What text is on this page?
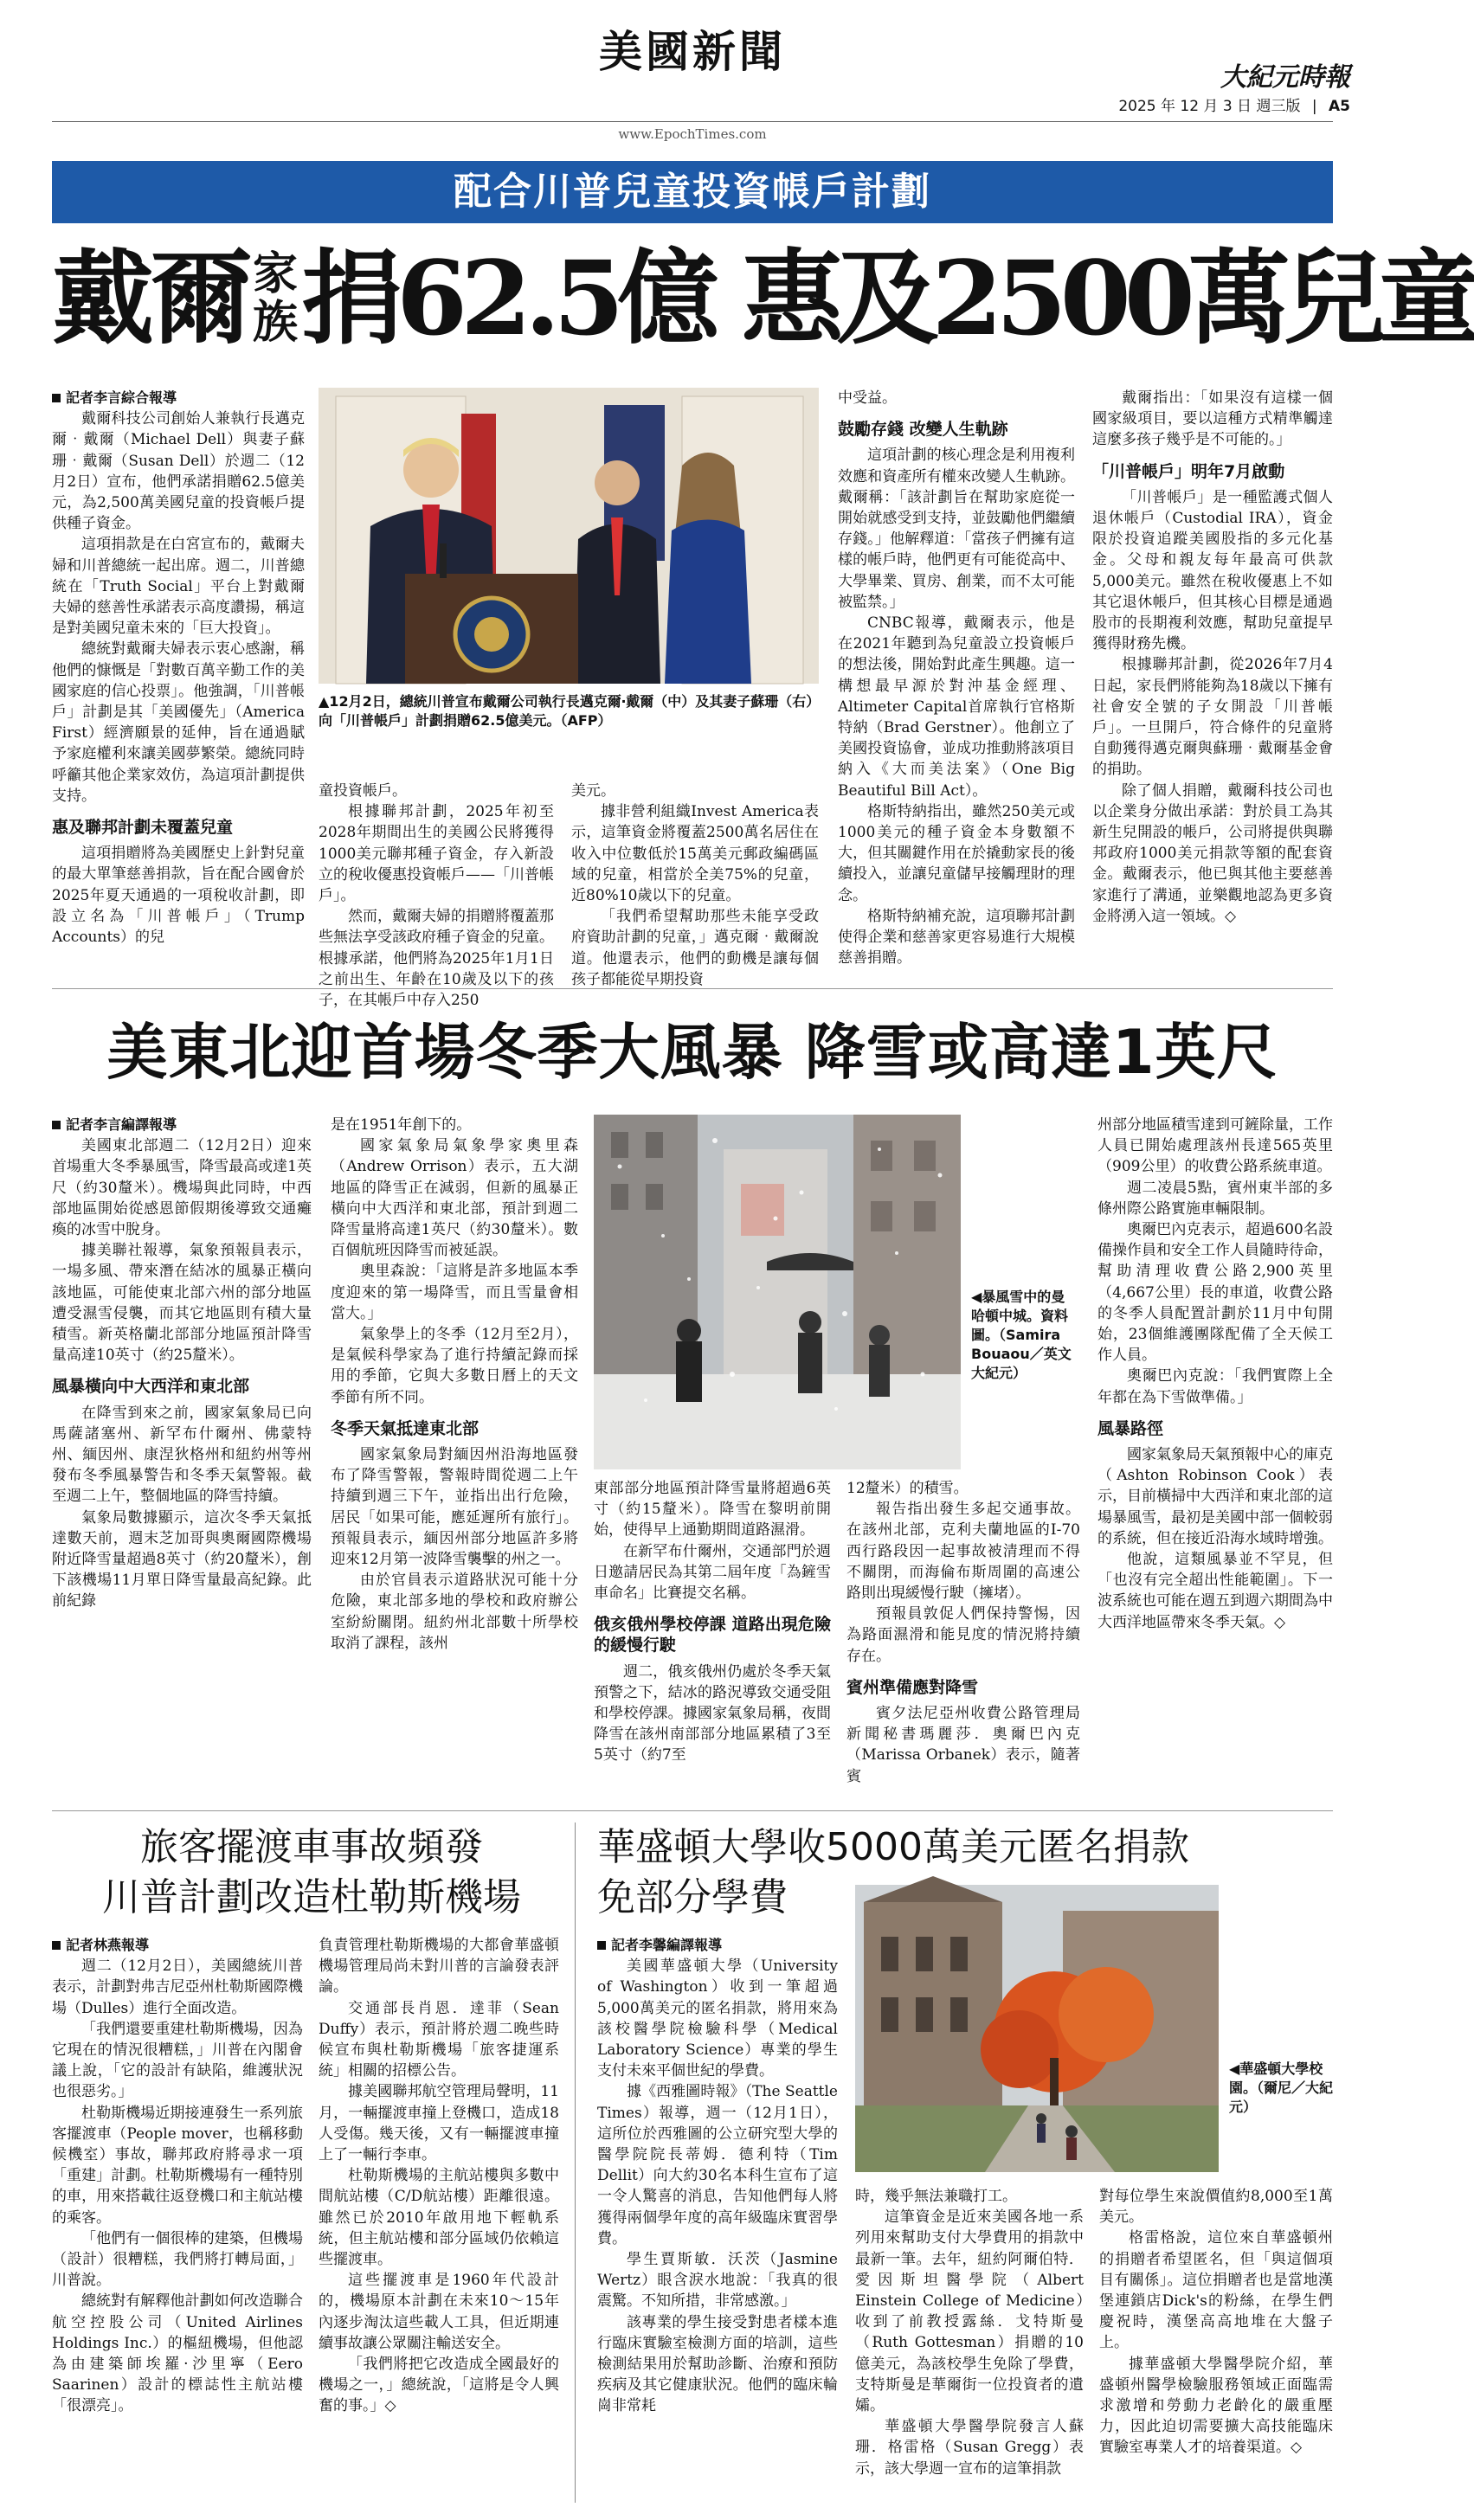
美國新聞
www.EpochTimes.com
大紀元時報
2025 年 12 月 3 日 週三版 | A5
配合川普兒童投資帳戶計劃
戴爾 家
族 捐62.5億 惠及2500萬兒童

記者李言綜合報導

戴爾科技公司創始人兼執行長邁克爾‧戴爾（Michael Dell）與妻子蘇珊‧戴爾（Susan Dell）於週二（12月2日）宣布，他們承諾捐贈62.5億美元，為2,500萬美國兒童的投資帳戶提供種子資金。

這項捐款是在白宮宣布的，戴爾夫婦和川普總統一起出席。週二，川普總統在「Truth Social」平台上對戴爾夫婦的慈善性承諾表示高度讚揚，稱這是對美國兒童未來的「巨大投資」。

總統對戴爾夫婦表示衷心感謝，稱他們的慷慨是「對數百萬辛勤工作的美國家庭的信心投票」。他強調，「川普帳戶」計劃是其「美國優先」（America First）經濟願景的延伸，旨在通過賦予家庭權利來讓美國夢繁榮。總統同時呼籲其他企業家效仿，為這項計劃提供支持。

惠及聯邦計劃未覆蓋兒童

這項捐贈將為美國歷史上針對兒童的最大單筆慈善捐款，旨在配合國會於2025年夏天通過的一項稅收計劃，即設立名為「川普帳戶」（Trump Accounts）的兒

▲12月2日，總統川普宣布戴爾公司執行長邁克爾‧戴爾（中）及其妻子蘇珊（右）向「川普帳戶」計劃捐贈62.5億美元。（AFP）

童投資帳戶。

根據聯邦計劃，2025年初至2028年期間出生的美國公民將獲得1000美元聯邦種子資金，存入新設立的稅收優惠投資帳戶——「川普帳戶」。

然而，戴爾夫婦的捐贈將覆蓋那些無法享受該政府種子資金的兒童。根據承諾，他們將為2025年1月1日之前出生、年齡在10歲及以下的孩子，在其帳戶中存入250

美元。

據非營利組織Invest America表示，這筆資金將覆蓋2500萬名居住在收入中位數低於15萬美元郵政編碼區域的兒童，相當於全美75%的兒童，近80%10歲以下的兒童。

「我們希望幫助那些未能享受政府資助計劃的兒童，」邁克爾‧戴爾說道。他還表示，他們的動機是讓每個孩子都能從早期投資

中受益。

鼓勵存錢 改變人生軌跡

這項計劃的核心理念是利用複利效應和資產所有權來改變人生軌跡。戴爾稱：「該計劃旨在幫助家庭從一開始就感受到支持，並鼓勵他們繼續存錢。」他解釋道：「當孩子們擁有這樣的帳戶時，他們更有可能從高中、大學畢業、買房、創業，而不太可能被監禁。」

CNBC報導，戴爾表示，他是在2021年聽到為兒童設立投資帳戶的想法後，開始對此產生興趣。這一構想最早源於對沖基金經理、Altimeter Capital首席執行官格斯特納（Brad Gerstner）。他創立了美國投資協會，並成功推動將該項目納入《大而美法案》（One Big Beautiful Bill Act）。

格斯特納指出，雖然250美元或1000美元的種子資金本身數額不大，但其關鍵作用在於撬動家長的後續投入，並讓兒童儲早接觸理財的理念。

格斯特納補充說，這項聯邦計劃使得企業和慈善家更容易進行大規模慈善捐贈。

戴爾指出：「如果沒有這樣一個國家級項目，要以這種方式精準觸達這麼多孩子幾乎是不可能的。」

「川普帳戶」明年7月啟動

「川普帳戶」是一種監護式個人退休帳戶（Custodial IRA），資金限於投資追蹤美國股指的多元化基金。父母和親友每年最高可供款5,000美元。雖然在稅收優惠上不如其它退休帳戶，但其核心目標是通過股市的長期複利效應，幫助兒童提早獲得財務先機。

根據聯邦計劃，從2026年7月4日起，家長們將能夠為18歲以下擁有社會安全號的子女開設「川普帳戶」。一旦開戶，符合條件的兒童將自動獲得邁克爾與蘇珊‧戴爾基金會的捐助。

除了個人捐贈，戴爾科技公司也以企業身分做出承諾：對於員工為其新生兒開設的帳戶，公司將提供與聯邦政府1000美元捐款等額的配套資金。戴爾表示，他已與其他主要慈善家進行了溝通，並樂觀地認為更多資金將湧入這一領域。◇

美東北迎首場冬季大風暴 降雪或高達1英尺

記者李言編譯報導

美國東北部週二（12月2日）迎來首場重大冬季暴風雪，降雪最高或達1英尺（約30釐米）。機場與此同時，中西部地區開始從感恩節假期後導致交通癱瘓的冰雪中脫身。

據美聯社報導，氣象預報員表示，一場多風、帶來潛在結冰的風暴正橫向該地區，可能使東北部六州的部分地區遭受濕雪侵襲，而其它地區則有積大量積雪。新英格蘭北部部分地區預計降雪量高達10英寸（約25釐米）。

風暴橫向中大西洋和東北部

在降雪到來之前，國家氣象局已向馬薩諸塞州、新罕布什爾州、佛蒙特州、緬因州、康涅狄格州和紐約州等州發布冬季風暴警告和冬季天氣警報。截至週二上午，整個地區的降雪持續。

氣象局數據顯示，這次冬季天氣抵達數天前，週末芝加哥與奧爾國際機場附近降雪量超過8英寸（約20釐米），創下該機場11月單日降雪量最高紀錄。此前紀錄

是在1951年創下的。

國家氣象局氣象學家奧里森（Andrew Orrison）表示，五大湖地區的降雪正在減弱，但新的風暴正橫向中大西洋和東北部，預計到週二降雪量將高達1英尺（約30釐米）。數百個航班因降雪而被延誤。

奧里森說：「這將是許多地區本季度迎來的第一場降雪，而且雪量會相當大。」

氣象學上的冬季（12月至2月），是氣候科學家為了進行持續記錄而採用的季節，它與大多數日曆上的天文季節有所不同。

冬季天氣抵達東北部

國家氣象局對緬因州沿海地區發布了降雪警報，警報時間從週二上午持續到週三下午，並指出出行危險，居民「如果可能，應延遲所有旅行」。預報員表示，緬因州部分地區許多將迎來12月第一波降雪襲擊的州之一。

由於官員表示道路狀況可能十分危險，東北部多地的學校和政府辦公室紛紛關閉。紐約州北部數十所學校取消了課程，該州

◀暴風雪中的曼哈頓中城。資料圖。（Samira Bouaou／英文大紀元）

東部部分地區預計降雪量將超過6英寸（約15釐米）。降雪在黎明前開始，使得早上通勤期間道路濕滑。

在新罕布什爾州，交通部門於週日邀請居民為其第二屆年度「為鏟雪車命名」比賽提交名稱。

俄亥俄州學校停課 道路出現危險的緩慢行駛

週二，俄亥俄州仍處於冬季天氣預警之下，結冰的路況導致交通受阻和學校停課。據國家氣象局稱，夜間降雪在該州南部部分地區累積了3至5英寸（約7至

12釐米）的積雪。

報告指出發生多起交通事故。在該州北部，克利夫蘭地區的I-70西行路段因一起事故被清理而不得不關閉，而海倫布斯周圍的高速公路則出現緩慢行駛（擁堵）。

預報員敦促人們保持警惕，因為路面濕滑和能見度的情況將持續存在。

賓州準備應對降雪

賓夕法尼亞州收費公路管理局新聞秘書瑪麗莎．奧爾巴內克（Marissa Orbanek）表示，隨著賓

州部分地區積雪達到可鏟除量，工作人員已開始處理該州長達565英里（909公里）的收費公路系統車道。

週二凌晨5點，賓州東半部的多條州際公路實施車輛限制。

奧爾巴內克表示，超過600名設備操作員和安全工作人員隨時待命，幫助清理收費公路2,900英里（4,667公里）長的車道，收費公路的冬季人員配置計劃於11月中旬開始，23個維護團隊配備了全天候工作人員。

奧爾巴內克說：「我們實際上全年都在為下雪做準備。」

風暴路徑

國家氣象局天氣預報中心的庫克（Ashton Robinson Cook）表示，目前橫掃中大西洋和東北部的這場暴風雪，最初是美國中部一個較弱的系統，但在接近沿海水域時增強。

他說，這類風暴並不罕見，但「也沒有完全超出性能範圍」。下一波系統也可能在週五到週六期間為中大西洋地區帶來冬季天氣。◇

旅客擺渡車事故頻發
川普計劃改造杜勒斯機場

記者林燕報導

週二（12月2日），美國總統川普表示，計劃對弗吉尼亞州杜勒斯國際機場（Dulles）進行全面改造。

「我們還要重建杜勒斯機場，因為它現在的情況很糟糕，」川普在內閣會議上說，「它的設計有缺陷，維護狀況也很惡劣。」

杜勒斯機場近期接連發生一系列旅客擺渡車（People mover，也稱移動候機室）事故，聯邦政府將尋求一項「重建」計劃。杜勒斯機場有一種特別的車，用來搭載往返登機口和主航站樓的乘客。

「他們有一個很棒的建築，但機場（設計）很糟糕，我們將打轉局面，」川普說。

總統對有解釋他計劃如何改造聯合航空控股公司（United Airlines Holdings Inc.）的樞紐機場，但他認為由建築師埃羅·沙里寧（Eero Saarinen）設計的標誌性主航站樓「很漂亮」。

負責管理杜勒斯機場的大都會華盛頓機場管理局尚未對川普的言論發表評論。

交通部長肖恩．達菲（Sean Duffy）表示，預計將於週二晚些時候宣布與杜勒斯機場「旅客捷運系統」相關的招標公告。

據美國聯邦航空管理局聲明，11月，一輛擺渡車撞上登機口，造成18人受傷。幾天後，又有一輛擺渡車撞上了一輛行李車。

杜勒斯機場的主航站樓與多數中間航站樓（C/D航站樓）距離很遠。雖然已於2010年啟用地下輕軌系統，但主航站樓和部分區域仍依賴這些擺渡車。

這些擺渡車是1960年代設計的，機場原本計劃在未來10～15年內逐步淘汰這些載人工具，但近期連續事故讓公眾關注輸送安全。

「我們將把它改造成全國最好的機場之一，」總統說，「這將是令人興奮的事。」◇

華盛頓大學收5000萬美元匿名捐款
免部分學費

記者李馨編譯報導

美國華盛頓大學（University of Washington）收到一筆超過5,000萬美元的匿名捐款，將用來為該校醫學院檢驗科學（Medical Laboratory Science）專業的學生支付未來平個世紀的學費。

據《西雅圖時報》（The Seattle Times）報導，週一（12月1日），這所位於西雅圖的公立研究型大學的醫學院院長蒂姆．德利特（Tim Dellit）向大約30名本科生宣布了這一令人驚喜的消息，告知他們每人將獲得兩個學年度的高年級臨床實習學費。

學生賈斯敏．沃茨（Jasmine Wertz）眼含淚水地說：「我真的很震驚。不知所措，非常感激。」

該專業的學生接受對患者樣本進行臨床實驗室檢測方面的培訓，這些檢測結果用於幫助診斷、治療和預防疾病及其它健康狀況。他們的臨床輪崗非常耗

◀華盛頓大學校園。（爾尼／大紀元）

時，幾乎無法兼職打工。

這筆資金是近來美國各地一系列用來幫助支付大學費用的捐款中最新一筆。去年，紐約阿爾伯特．愛因斯坦醫學院（Albert Einstein College of Medicine）收到了前教授露絲．戈特斯曼（Ruth Gottesman）捐贈的10億美元，為該校學生免除了學費，支特斯曼是華爾街一位投資者的遺孀。

華盛頓大學醫學院發言人蘇珊．格雷格（Susan Gregg）表示，該大學週一宣布的這筆捐款

對每位學生來說價值約8,000至1萬美元。

格雷格說，這位來自華盛頓州的捐贈者希望匿名，但「與這個項目有關係」。這位捐贈者也是當地漢堡連鎖店Dick's的粉絲，在學生們慶祝時，漢堡高高地堆在大盤子上。

據華盛頓大學醫學院介紹，華盛頓州醫學檢驗服務領域正面臨需求激增和勞動力老齡化的嚴重壓力，因此迫切需要擴大高技能臨床實驗室專業人才的培養渠道。◇
